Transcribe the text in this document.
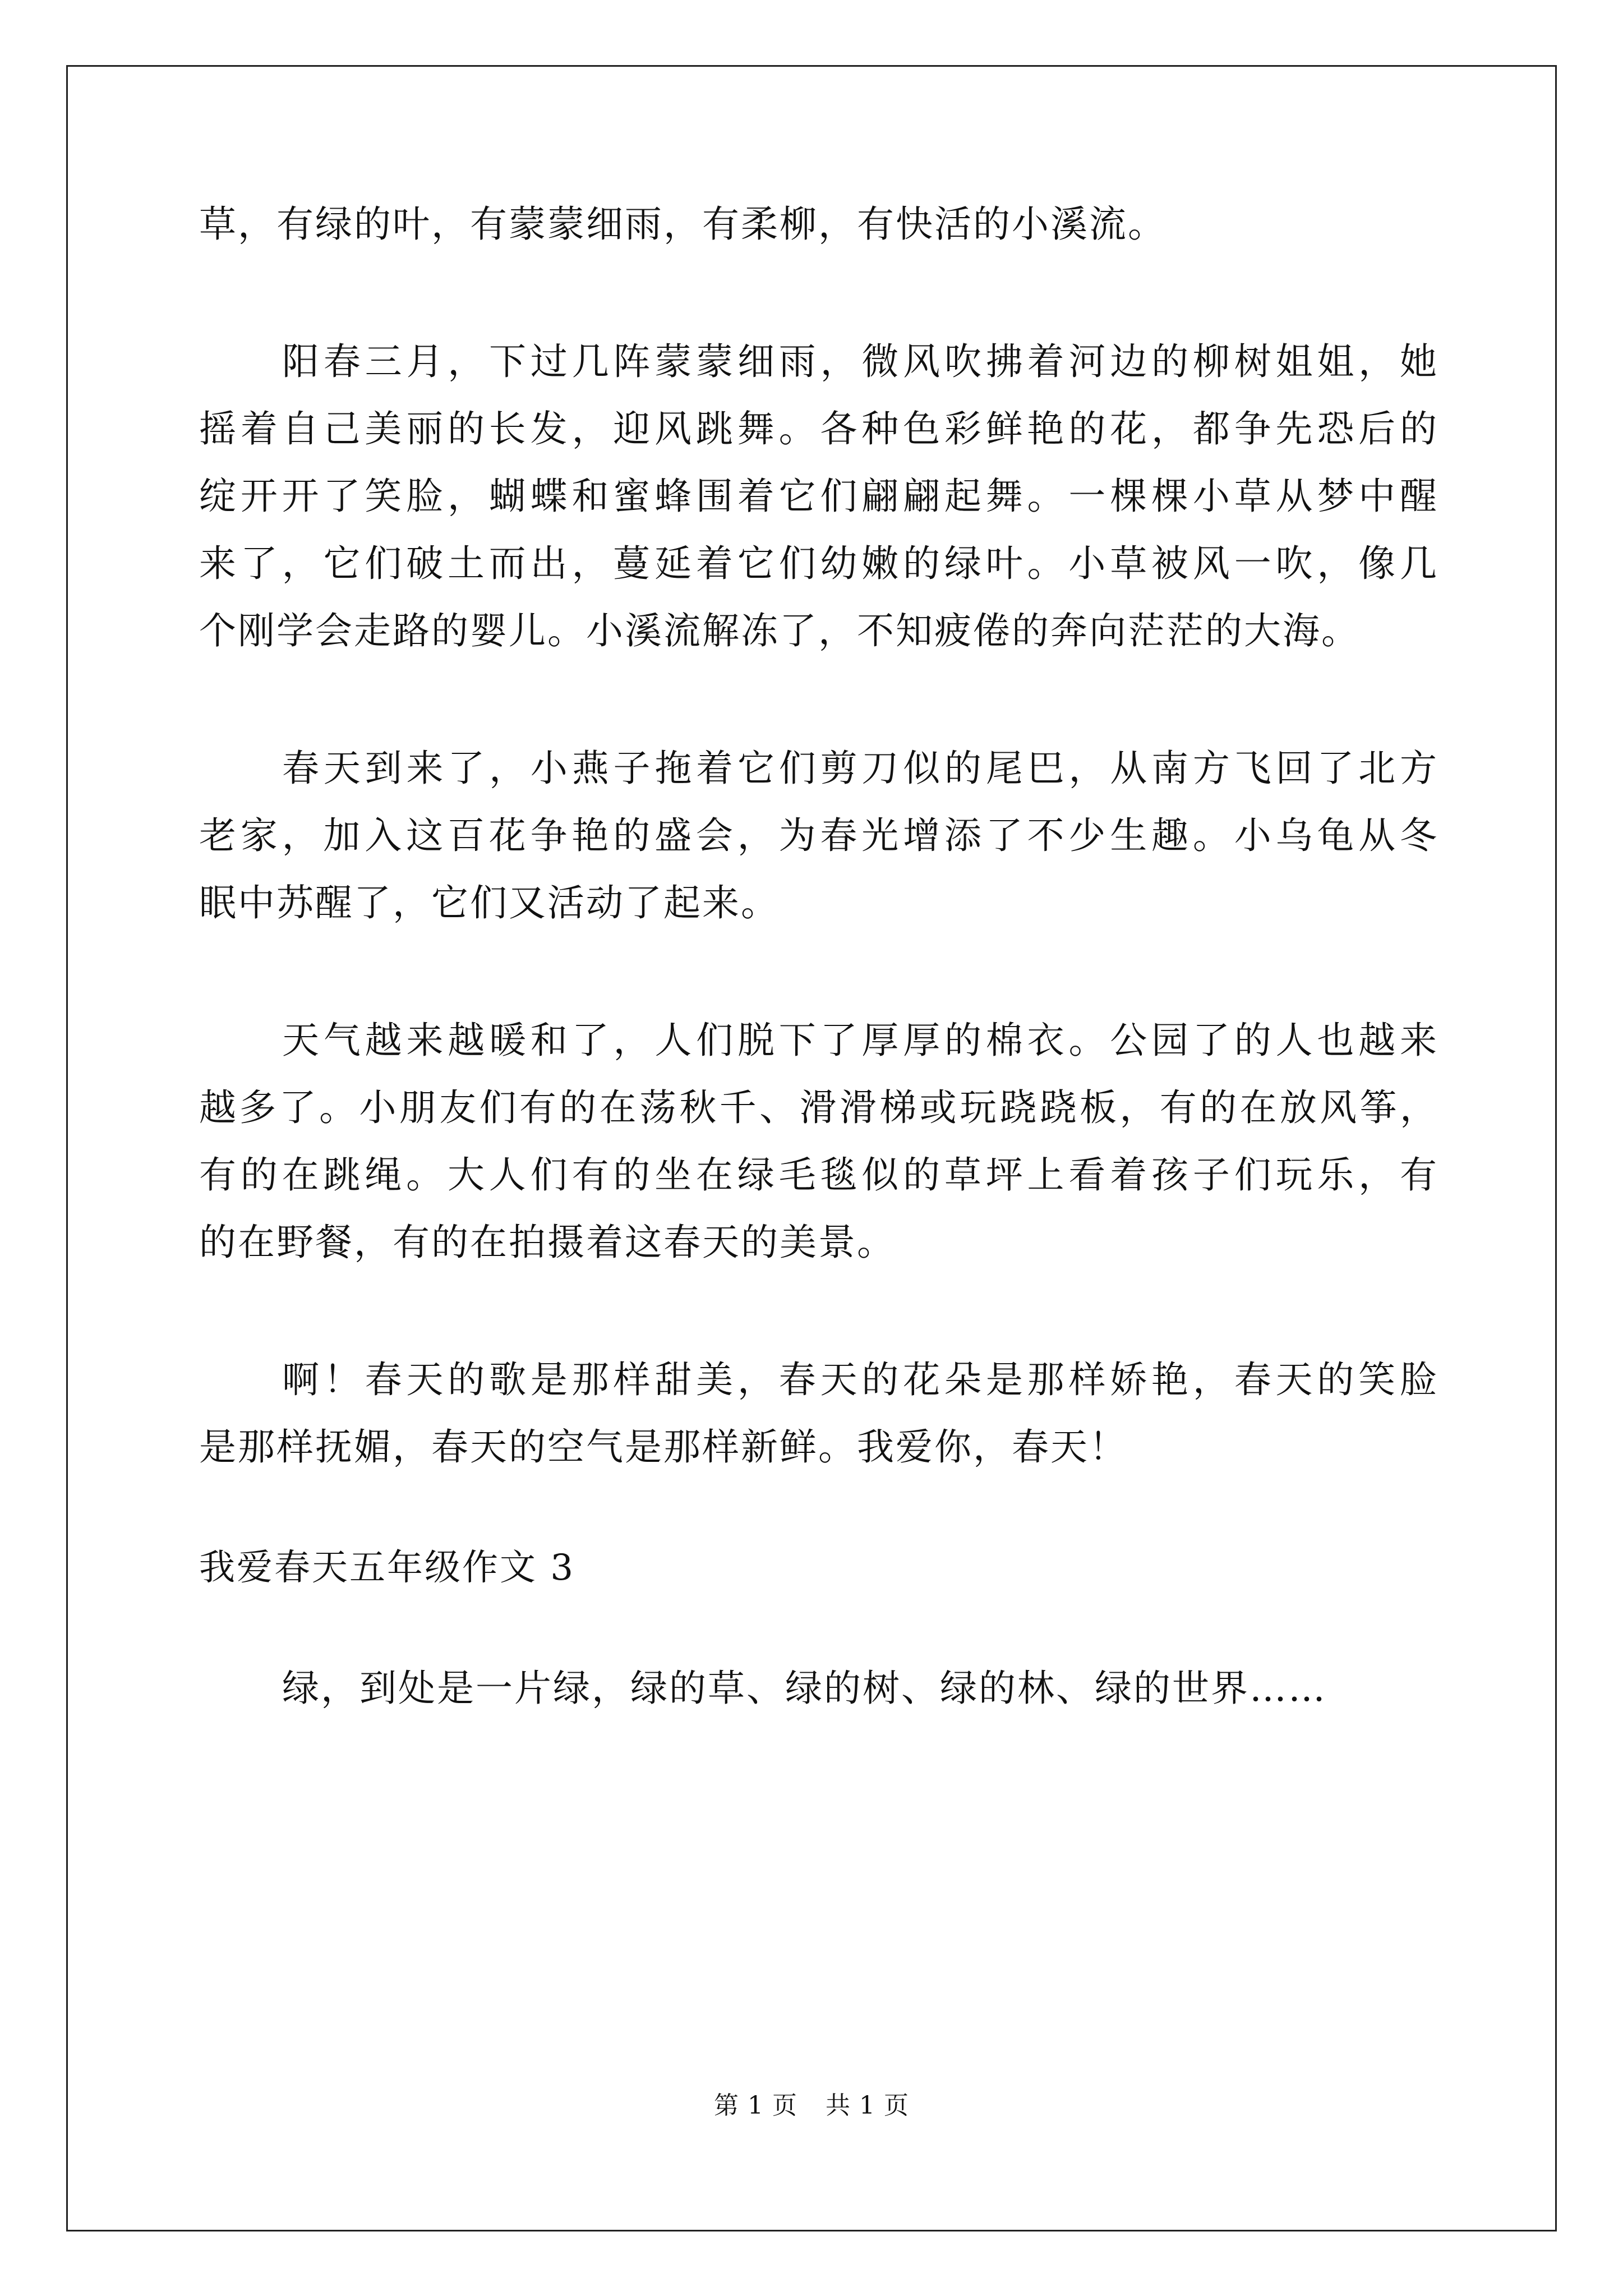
草，有绿的叶，有蒙蒙细雨，有柔柳，有快活的小溪流。
阳春三月，下过几阵蒙蒙细雨，微风吹拂着河边的柳树姐姐，她
摇着自己美丽的长发，迎风跳舞。各种色彩鲜艳的花，都争先恐后的
绽开开了笑脸，蝴蝶和蜜蜂围着它们翩翩起舞。一棵棵小草从梦中醒
来了，它们破土而出，蔓延着它们幼嫩的绿叶。小草被风一吹，像几
个刚学会走路的婴儿。小溪流解冻了，不知疲倦的奔向茫茫的大海。
春天到来了，小燕子拖着它们剪刀似的尾巴，从南方飞回了北方
老家，加入这百花争艳的盛会，为春光增添了不少生趣。小乌龟从冬
眠中苏醒了，它们又活动了起来。
天气越来越暖和了，人们脱下了厚厚的棉衣。公园了的人也越来
越多了。小朋友们有的在荡秋千、滑滑梯或玩跷跷板，有的在放风筝，
有的在跳绳。大人们有的坐在绿毛毯似的草坪上看着孩子们玩乐，有
的在野餐，有的在拍摄着这春天的美景。
啊！春天的歌是那样甜美，春天的花朵是那样娇艳，春天的笑脸
是那样抚媚，春天的空气是那样新鲜。我爱你，春天！
我爱春天五年级作文 3
绿，到处是一片绿，绿的草、绿的树、绿的林、绿的世界……
第 1 页 共 1 页
